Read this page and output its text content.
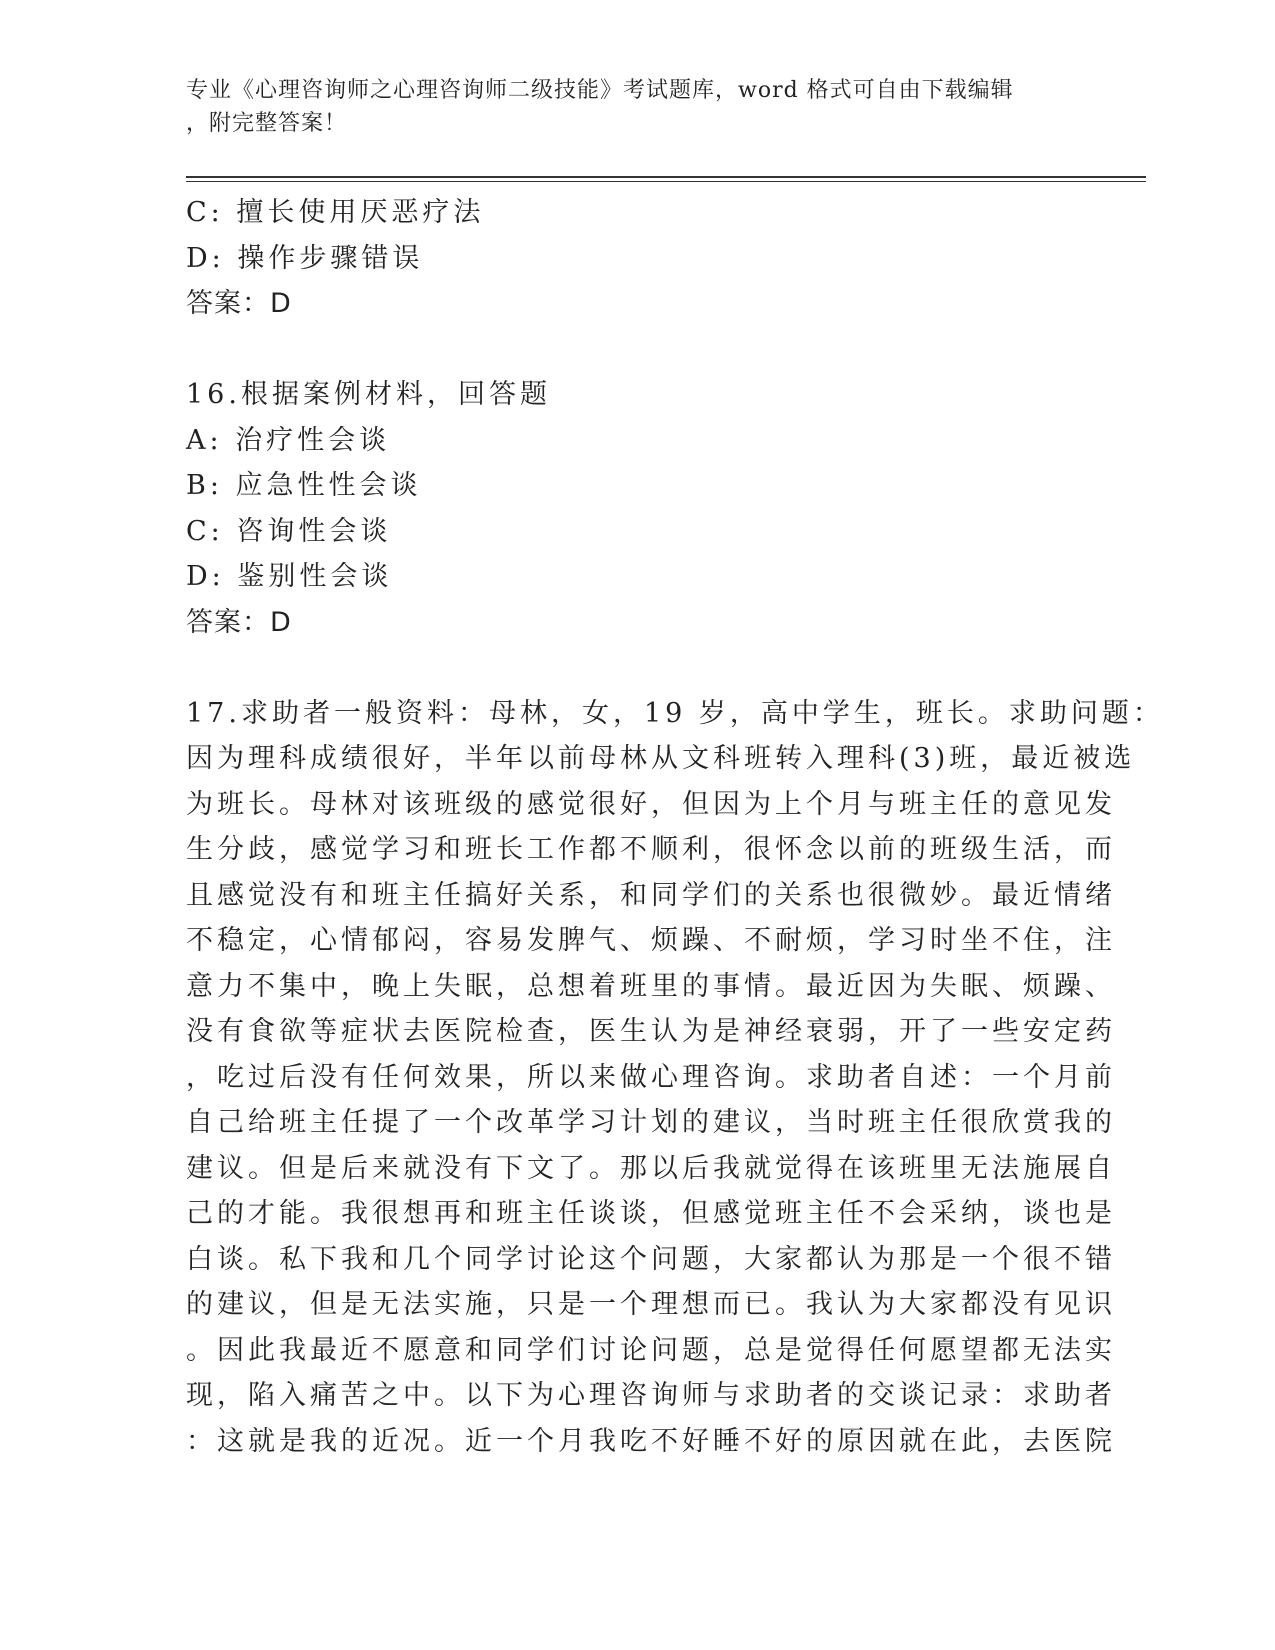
专业《心理咨询师之心理咨询师二级技能》考试题库，word 格式可自由下载编辑
，附完整答案！
C: 擅长使用厌恶疗法
D: 操作步骤错误
答案：D
16.根据案例材料，回答题
A: 治疗性会谈
B: 应急性性会谈
C: 咨询性会谈
D: 鉴别性会谈
答案：D
17.求助者一般资料：母林，女，19 岁，高中学生，班长。求助问题：
因为理科成绩很好，半年以前母林从文科班转入理科(3)班，最近被选
为班长。母林对该班级的感觉很好，但因为上个月与班主任的意见发
生分歧，感觉学习和班长工作都不顺利，很怀念以前的班级生活，而
且感觉没有和班主任搞好关系，和同学们的关系也很微妙。最近情绪
不稳定，心情郁闷，容易发脾气、烦躁、不耐烦，学习时坐不住，注
意力不集中，晚上失眠，总想着班里的事情。最近因为失眠、烦躁、
没有食欲等症状去医院检查，医生认为是神经衰弱，开了一些安定药
，吃过后没有任何效果，所以来做心理咨询。求助者自述：一个月前
自己给班主任提了一个改革学习计划的建议，当时班主任很欣赏我的
建议。但是后来就没有下文了。那以后我就觉得在该班里无法施展自
己的才能。我很想再和班主任谈谈，但感觉班主任不会采纳，谈也是
白谈。私下我和几个同学讨论这个问题，大家都认为那是一个很不错
的建议，但是无法实施，只是一个理想而已。我认为大家都没有见识
。因此我最近不愿意和同学们讨论问题，总是觉得任何愿望都无法实
现，陷入痛苦之中。以下为心理咨询师与求助者的交谈记录：求助者
：这就是我的近况。近一个月我吃不好睡不好的原因就在此，去医院
